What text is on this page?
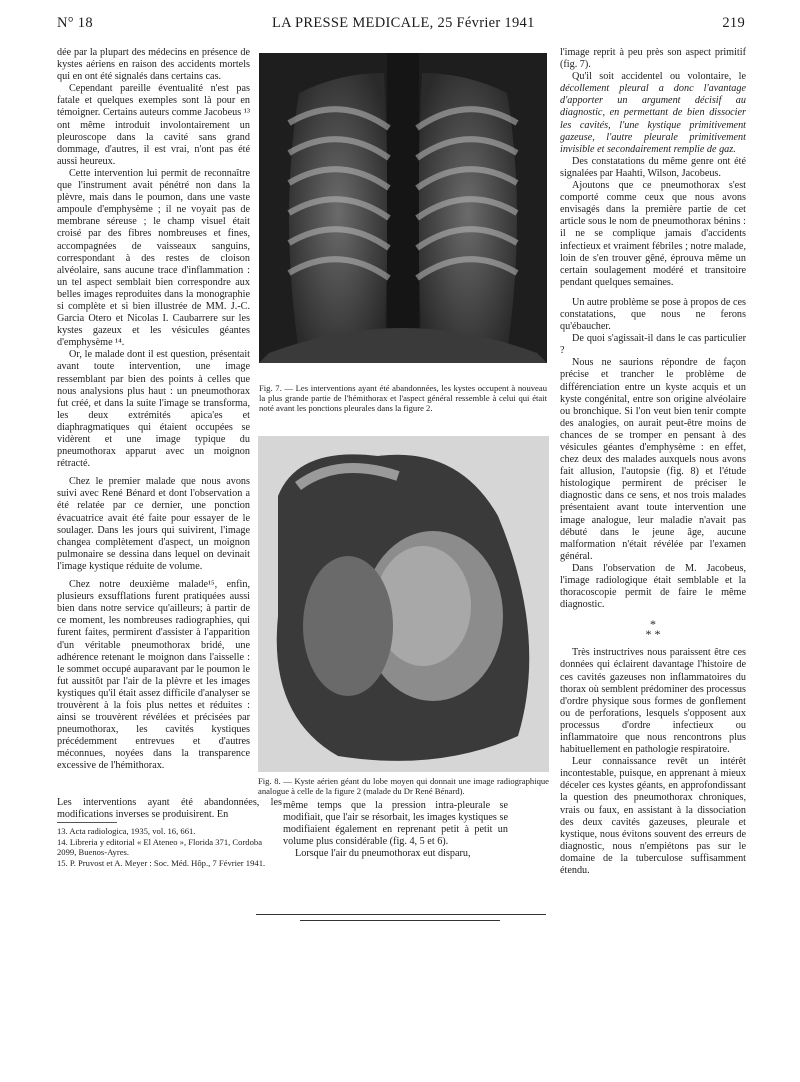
N° 18	LA PRESSE MEDICALE, 25 Février 1941	219

dée par la plupart des médecins en présence de kystes aériens en raison des accidents mortels qui en ont été signalés dans certains cas.

Cependant pareille éventualité n'est pas fatale et quelques exemples sont là pour en témoigner. Certains auteurs comme Jacobeus ¹³ ont même introduit involontairement un pleuroscope dans la cavité sans grand dommage, d'autres, il est vrai, n'ont pas été aussi heureux.

Cette intervention lui permit de reconnaître que l'instrument avait pénétré non dans la plèvre, mais dans le poumon, dans une vaste ampoule d'emphysème ; il ne voyait pas de membrane séreuse ; le champ visuel était croisé par des fibres nombreuses et fines, accompagnées de vaisseaux sanguins, correspondant à des restes de cloison alvéolaire, sans aucune trace d'inflammation : un tel aspect semblait bien correspondre aux belles images reproduites dans la monographie si complète et si bien illustrée de MM. J.-C. Garcia Otero et Nicolas I. Caubarrere sur les kystes gazeux et les vésicules géantes d'emphysème ¹⁴.

Or, le malade dont il est question, présentait avant toute intervention, une image ressemblant par bien des points à celles que nous analysions plus haut : un pneumothorax fut créé, et dans la suite l'image se transforma, les deux extrémités apica'es et diaphragmatiques qui étaient occupées se vidèrent et une image typique du pneumothorax apparut avec un moignon rétracté.

Chez le premier malade que nous avons suivi avec René Bénard et dont l'observation a été relatée par ce dernier, une ponction évacuatrice avait été faite pour essayer de le soulager. Dans les jours qui suivirent, l'image changea complètement d'aspect, un moignon pulmonaire se dessina dans lequel on devinait l'image kystique réduite de volume.

Chez notre deuxième malade¹⁵, enfin, plusieurs exsufflations furent pratiquées aussi bien dans notre service qu'ailleurs; à partir de ce moment, les nombreuses radiographies, qui furent faites, permirent d'assister à l'apparition d'un véritable pneumothorax bridé, une adhérence retenant le moignon dans l'aisselle : le sommet occupé auparavant par le poumon le fut aussitôt par l'air de la plèvre et les images kystiques qu'il était assez difficile d'analyser se trouvèrent à la fois plus nettes et réduites : ainsi se trouvèrent révélées et précisées par pneumothorax, les cavités kystiques précédemment entrevues et d'autres méconnues, noyées dans la transparence excessive de l'hémithorax.

Les interventions ayant été abandonnées, les modifications inverses se produisirent. En

13. Acta radiologica, 1935, vol. 16, 661.

14. Libreria y editorial « El Ateneo », Florida 371, Cordoba 2099, Buenos-Ayres.

15. P. Pruvost et A. Meyer : Soc. Méd. Hôp., 7 Février 1941.

Fig. 7. — Les interventions ayant été abandonnées, les kystes occupent à nouveau la plus grande partie de l'hémithorax et l'aspect général ressemble à celui qui était noté avant les ponctions pleurales dans la figure 2.
Fig. 8. — Kyste aérien géant du lobe moyen qui donnait une image radiographique analogue à celle de la figure 2 (malade du Dr René Bénard).

même temps que la pression intra-pleurale se modifiait, que l'air se résorbait, les images kystiques se modifiaient également en reprenant petit à petit un volume plus considérable (fig. 4, 5 et 6).

Lorsque l'air du pneumothorax eut disparu,

l'image reprit à peu près son aspect primitif (fig. 7).

Qu'il soit accidentel ou volontaire, le décollement pleural a donc l'avantage d'apporter un argument décisif au diagnostic, en permettant de bien dissocier les cavités, l'une kystique primitivement gazeuse, l'autre pleurale primitivement invisible et secondairement remplie de gaz.

Des constatations du même genre ont été signalées par Haahti, Wilson, Jacobeus.

Ajoutons que ce pneumothorax s'est comporté comme ceux que nous avons envisagés dans la première partie de cet article sous le nom de pneumothorax bénins : il ne se complique jamais d'accidents infectieux et vraiment fébriles ; notre malade, loin de s'en trouver gêné, éprouva même un certain soulagement modéré et transitoire pendant quelques semaines.

Un autre problème se pose à propos de ces constatations, que nous ne ferons qu'ébaucher.

De quoi s'agissait-il dans le cas particulier ?

Nous ne saurions répondre de façon précise et trancher le problème de différenciation entre un kyste acquis et un kyste congénital, entre son origine alvéolaire ou bronchique. Si l'on veut bien tenir compte des analogies, on aurait peut-être moins de chances de se tromper en pensant à des vésicules géantes d'emphysème : en effet, chez deux des malades auxquels nous avons fait allusion, l'autopsie (fig. 8) et l'étude histologique permirent de préciser le diagnostic dans ce sens, et nos trois malades présentaient avant toute intervention une image analogue, leur maladie n'avait pas débuté dans le jeune âge, aucune malformation n'était révélée par l'examen général.

Dans l'observation de M. Jacobeus, l'image radiologique était semblable et la thoracoscopie permit de faire le même diagnostic.

*
* *

Très instructrives nous paraissent être ces données qui éclairent davantage l'histoire de ces cavités gazeuses non inflammatoires du thorax où semblent prédominer des processus d'ordre physique sous formes de gonflement ou de perforations, lesquels s'opposent aux processus d'ordre infectieux ou inflammatoire que nous rencontrons plus habituellement en pathologie respiratoire.

Leur connaissance revêt un intérêt incontestable, puisque, en apprenant à mieux déceler ces kystes géants, en approfondissant la question des pneumothorax chroniques, vrais ou faux, en assistant à la dissociation des deux cavités gazeuses, pleurale et kystique, nous évitons souvent des erreurs de diagnostic, nous n'empiétons pas sur le domaine de la tuberculose suffisamment étendu.
